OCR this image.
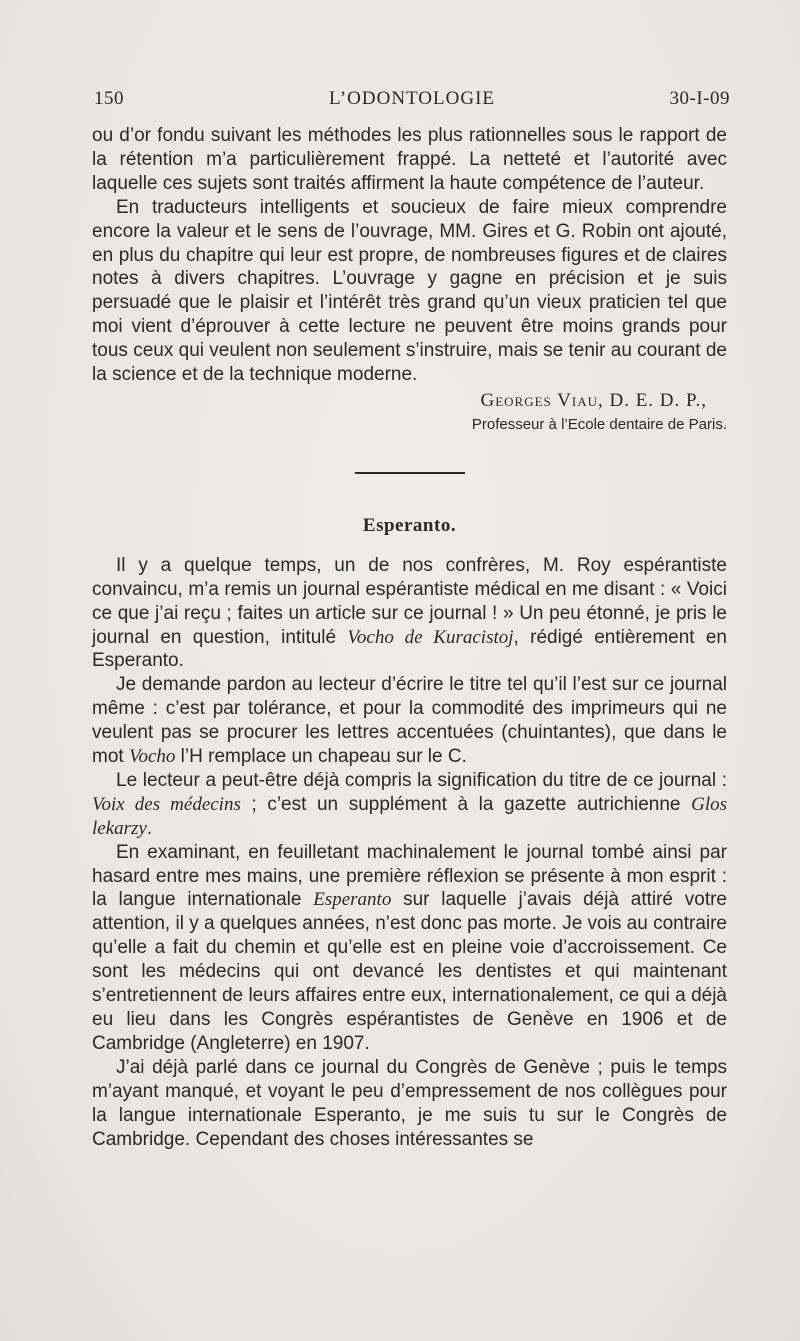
L’ODONTOLOGIE
150	30-I-09

ou d’or fondu suivant les méthodes les plus rationnelles sous le rapport de la rétention m’a particulièrement frappé. La netteté et l’autorité avec laquelle ces sujets sont traités affirment la haute compétence de l’auteur.

En traducteurs intelligents et soucieux de faire mieux comprendre encore la valeur et le sens de l’ouvrage, MM. Gires et G. Robin ont ajouté, en plus du chapitre qui leur est propre, de nombreuses figures et de claires notes à divers chapitres. L’ouvrage y gagne en précision et je suis persuadé que le plaisir et l’intérêt très grand qu’un vieux praticien tel que moi vient d’éprouver à cette lecture ne peuvent être moins grands pour tous ceux qui veulent non seulement s’instruire, mais se tenir au courant de la science et de la technique moderne.

Georges Viau, D. E. D. P.,
Professeur à l’Ecole dentaire de Paris.
Esperanto.

Il y a quelque temps, un de nos confrères, M. Roy espérantiste convaincu, m’a remis un journal espérantiste médical en me disant : « Voici ce que j’ai reçu ; faites un article sur ce journal ! » Un peu étonné, je pris le journal en question, intitulé Vocho de Kuracistoj, rédigé entièrement en Esperanto.

Je demande pardon au lecteur d’écrire le titre tel qu’il l’est sur ce journal même : c’est par tolérance, et pour la commodité des imprimeurs qui ne veulent pas se procurer les lettres accentuées (chuintantes), que dans le mot Vocho l’H remplace un chapeau sur le C.

Le lecteur a peut-être déjà compris la signification du titre de ce journal : Voix des médecins ; c’est un supplément à la gazette autrichienne Glos lekarzy.

En examinant, en feuilletant machinalement le journal tombé ainsi par hasard entre mes mains, une première réflexion se présente à mon esprit : la langue internationale Esperanto sur laquelle j’avais déjà attiré votre attention, il y a quelques années, n’est donc pas morte. Je vois au contraire qu’elle a fait du chemin et qu’elle est en pleine voie d’accroissement. Ce sont les médecins qui ont devancé les dentistes et qui maintenant s’entretiennent de leurs affaires entre eux, internationalement, ce qui a déjà eu lieu dans les Congrès espérantistes de Genève en 1906 et de Cambridge (Angleterre) en 1907.

J’ai déjà parlé dans ce journal du Congrès de Genève ; puis le temps m’ayant manqué, et voyant le peu d’empressement de nos collègues pour la langue internationale Esperanto, je me suis tu sur le Congrès de Cambridge. Cependant des choses intéressantes se
